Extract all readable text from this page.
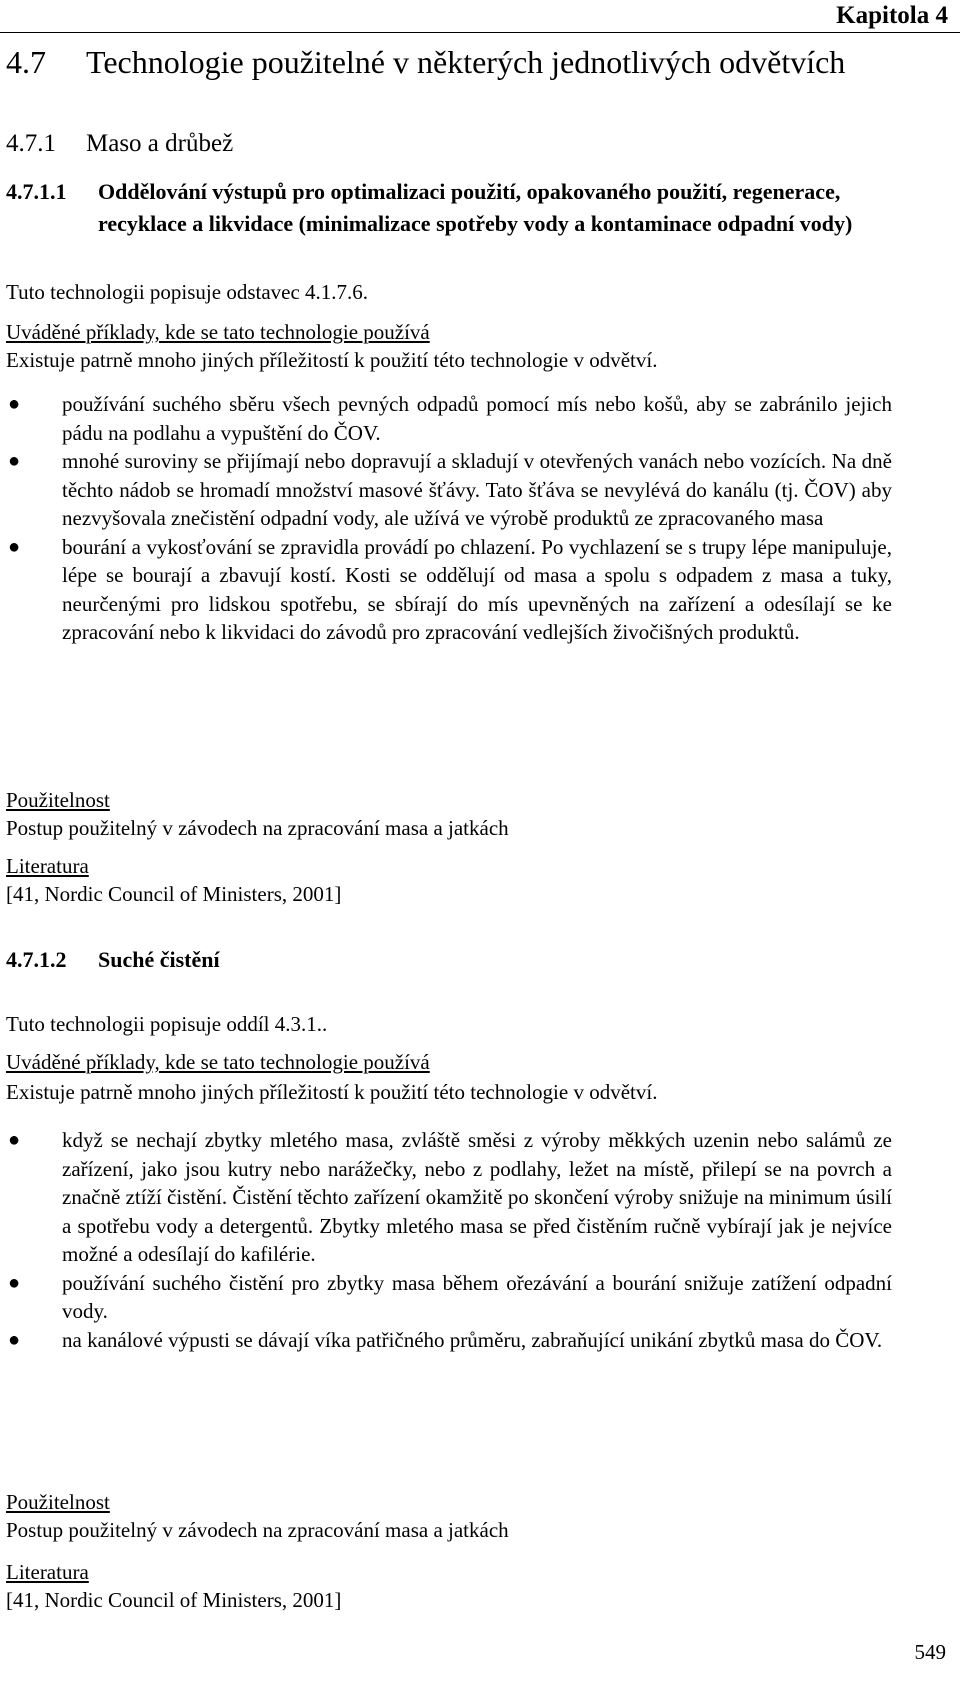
Kapitola 4
4.7 Technologie použitelné v některých jednotlivých odvětvích
4.7.1 Maso a drůbež
4.7.1.1	Oddělování výstupů pro optimalizaci použití, opakovaného použití, regenerace, recyklace a likvidace (minimalizace spotřeby vody a kontaminace odpadní vody)
Tuto technologii popisuje odstavec 4.1.7.6.
Uváděné příklady, kde se tato technologie používá
Existuje patrně mnoho jiných příležitostí k použití této technologie v odvětví.
● používání suchého sběru všech pevných odpadů pomocí mís nebo košů, aby se zabránilo jejich pádu na podlahu a vypuštění do ČOV.
● mnohé suroviny se přijímají nebo dopravují a skladují v otevřených vanách nebo vozících. Na dně těchto nádob se hromadí množství masové šťávy. Tato šťáva se nevylévá do kanálu (tj. ČOV) aby nezvyšovala znečistění odpadní vody, ale užívá ve výrobě produktů ze zpracovaného masa
● bourání a vykosťování se zpravidla provádí po chlazení. Po vychlazení se s trupy lépe manipuluje, lépe se bourají a zbavují kostí. Kosti se oddělují od masa a spolu s odpadem z masa a tuky, neurčenými pro lidskou spotřebu, se sbírají do mís upevněných na zařízení a odesílají se ke zpracování nebo k likvidaci do závodů pro zpracování vedlejších živočišných produktů.
Použitelnost
Postup použitelný v závodech na zpracování masa a jatkách
Literatura
[41, Nordic Council of Ministers, 2001]
4.7.1.2	Suché čistění
Tuto technologii popisuje oddíl 4.3.1..
Uváděné příklady, kde se tato technologie používá
Existuje patrně mnoho jiných příležitostí k použití této technologie v odvětví.
● když se nechají zbytky mletého masa, zvláště směsi z výroby měkkých uzenin nebo salámů ze zařízení, jako jsou kutry nebo narážečky, nebo z podlahy, ležet na místě, přilepí se na povrch a značně ztíží čistění. Čistění těchto zařízení okamžitě po skončení výroby snižuje na minimum úsilí a spotřebu vody a detergentů. Zbytky mletého masa se před čistěním ručně vybírají jak je nejvíce možné a odesílají do kafilérie.
● používání suchého čistění pro zbytky masa během ořezávání a bourání snižuje zatížení odpadní vody.
● na kanálové výpusti se dávají víka patřičného průměru, zabraňující unikání zbytků masa do ČOV.
Použitelnost
Postup použitelný v závodech na zpracování masa a jatkách
Literatura
[41, Nordic Council of Ministers, 2001]
549
